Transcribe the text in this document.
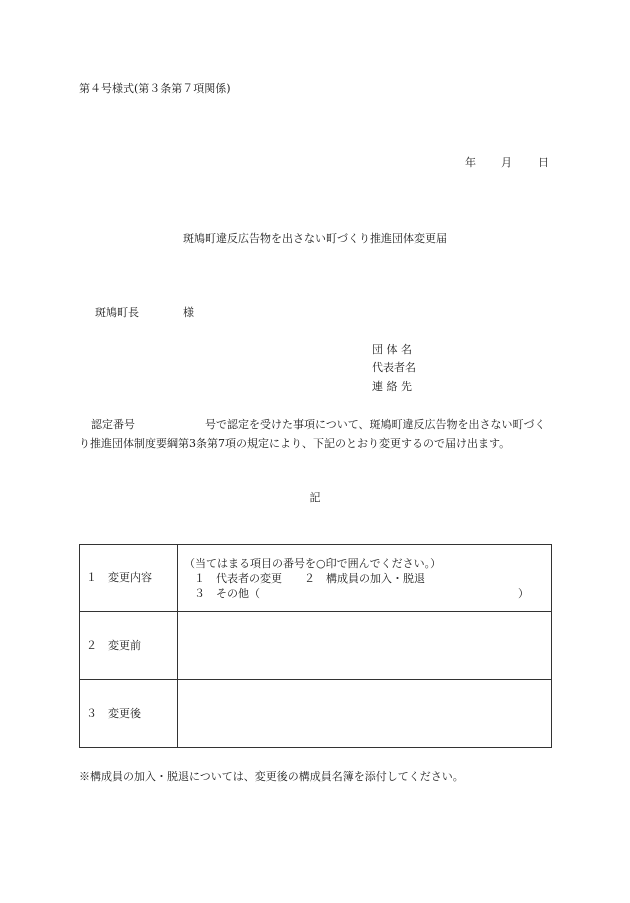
第４号様式(第３条第７項関係)
年 月 日
斑鳩町違反広告物を出さない町づくり推進団体変更届
斑鳩町長	様
団 体 名
代表者名
連 絡 先
認定番号	号で認定を受けた事項について、斑鳩町違反広告物を出さない町づく
り推進団体制度要綱第3条第7項の規定により、下記のとおり変更するので届け出ます。
記
１　変更内容	（当てはまる項目の番号を○印で囲んでください。）
１　代表者の変更 ２　構成員の加入・脱退
３　その他（ ）

２　変更前	
３　変更後	
※構成員の加入・脱退については、変更後の構成員名簿を添付してください。
